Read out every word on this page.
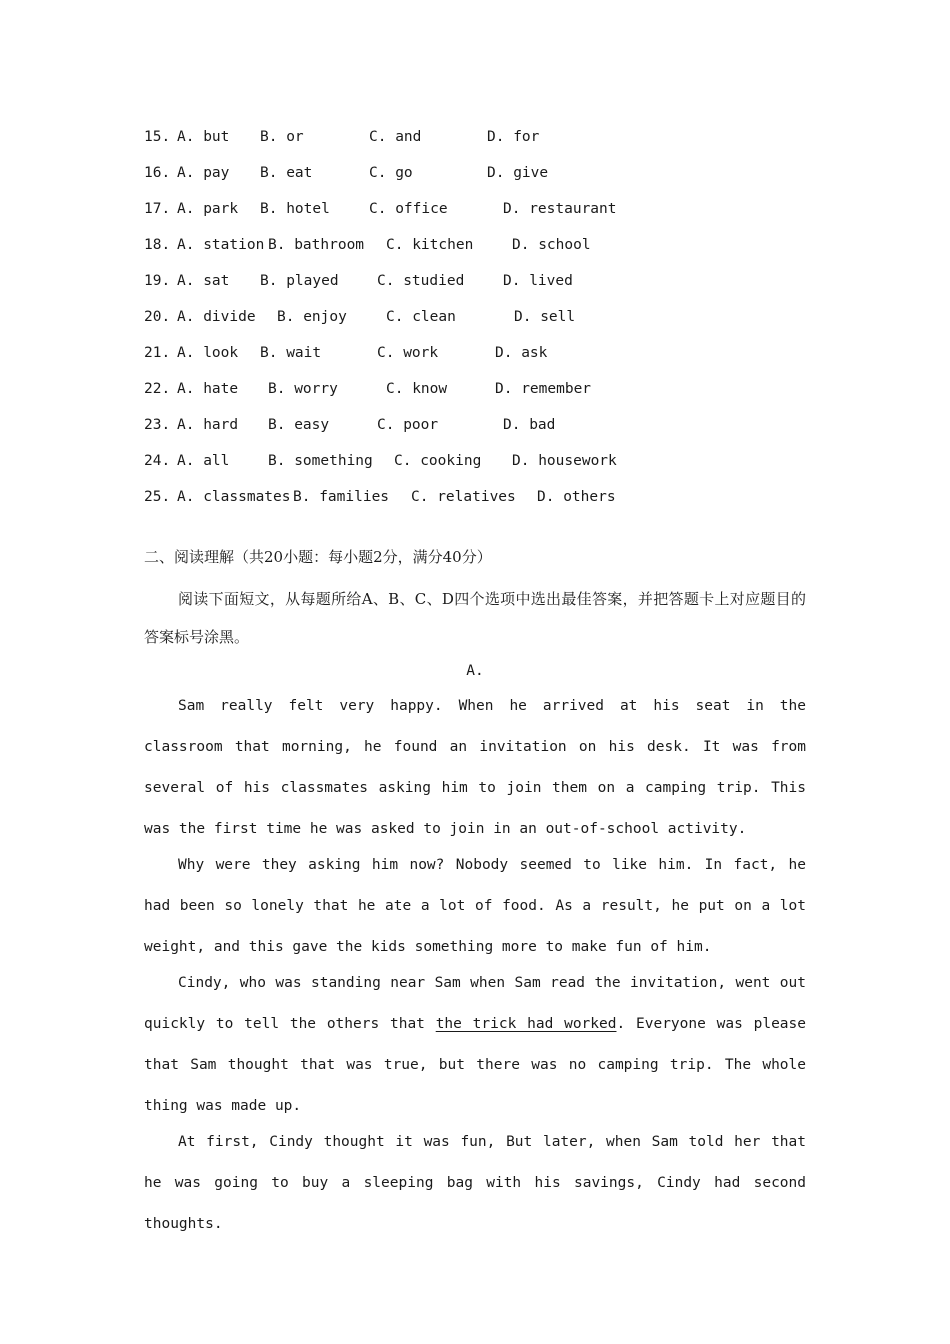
15. A. but B. or	C. and	D. for
16. A. pay B. eat	C. go	D. give
17. A. park B. hotel	C. office	D. restaurant
18. A. station B. bathroom C. kitchen	D. school
19. A. sat B. played	C. studied	D. lived
20. A. divide B. enjoy	C. clean	D. sell
21. A. look B. wait	C. work	D. ask
22. A. hate B. worry	C. know	D. remember
23. A. hard B. easy	C. poor	D. bad
24. A. all	B. something C. cooking D. housework
25. A. classmates B. families C. relatives D. others
二、阅读理解（共20小题：每小题2分，满分40分）

阅读下面短文，从每题所给A、B、C、D四个选项中选出最佳答案，并把答题卡上对应题目的答案标号涂黑。

A.

Sam really felt very happy. When he arrived at his seat in the classroom that morning, he found an invitation on his desk. It was from several of his classmates asking him to join them on a camping trip. This was the first time he was asked to join in an out-of-school activity.

Why were they asking him now? Nobody seemed to like him. In fact, he had been so lonely that he ate a lot of food. As a result, he put on a lot weight, and this gave the kids something more to make fun of him.

Cindy, who was standing near Sam when Sam read the invitation, went out quickly to tell the others that the trick had worked. Everyone was please that Sam thought that was true, but there was no camping trip. The whole thing was made up.

At first, Cindy thought it was fun, But later, when Sam told her that he was going to buy a sleeping bag with his savings, Cindy had second thoughts.
